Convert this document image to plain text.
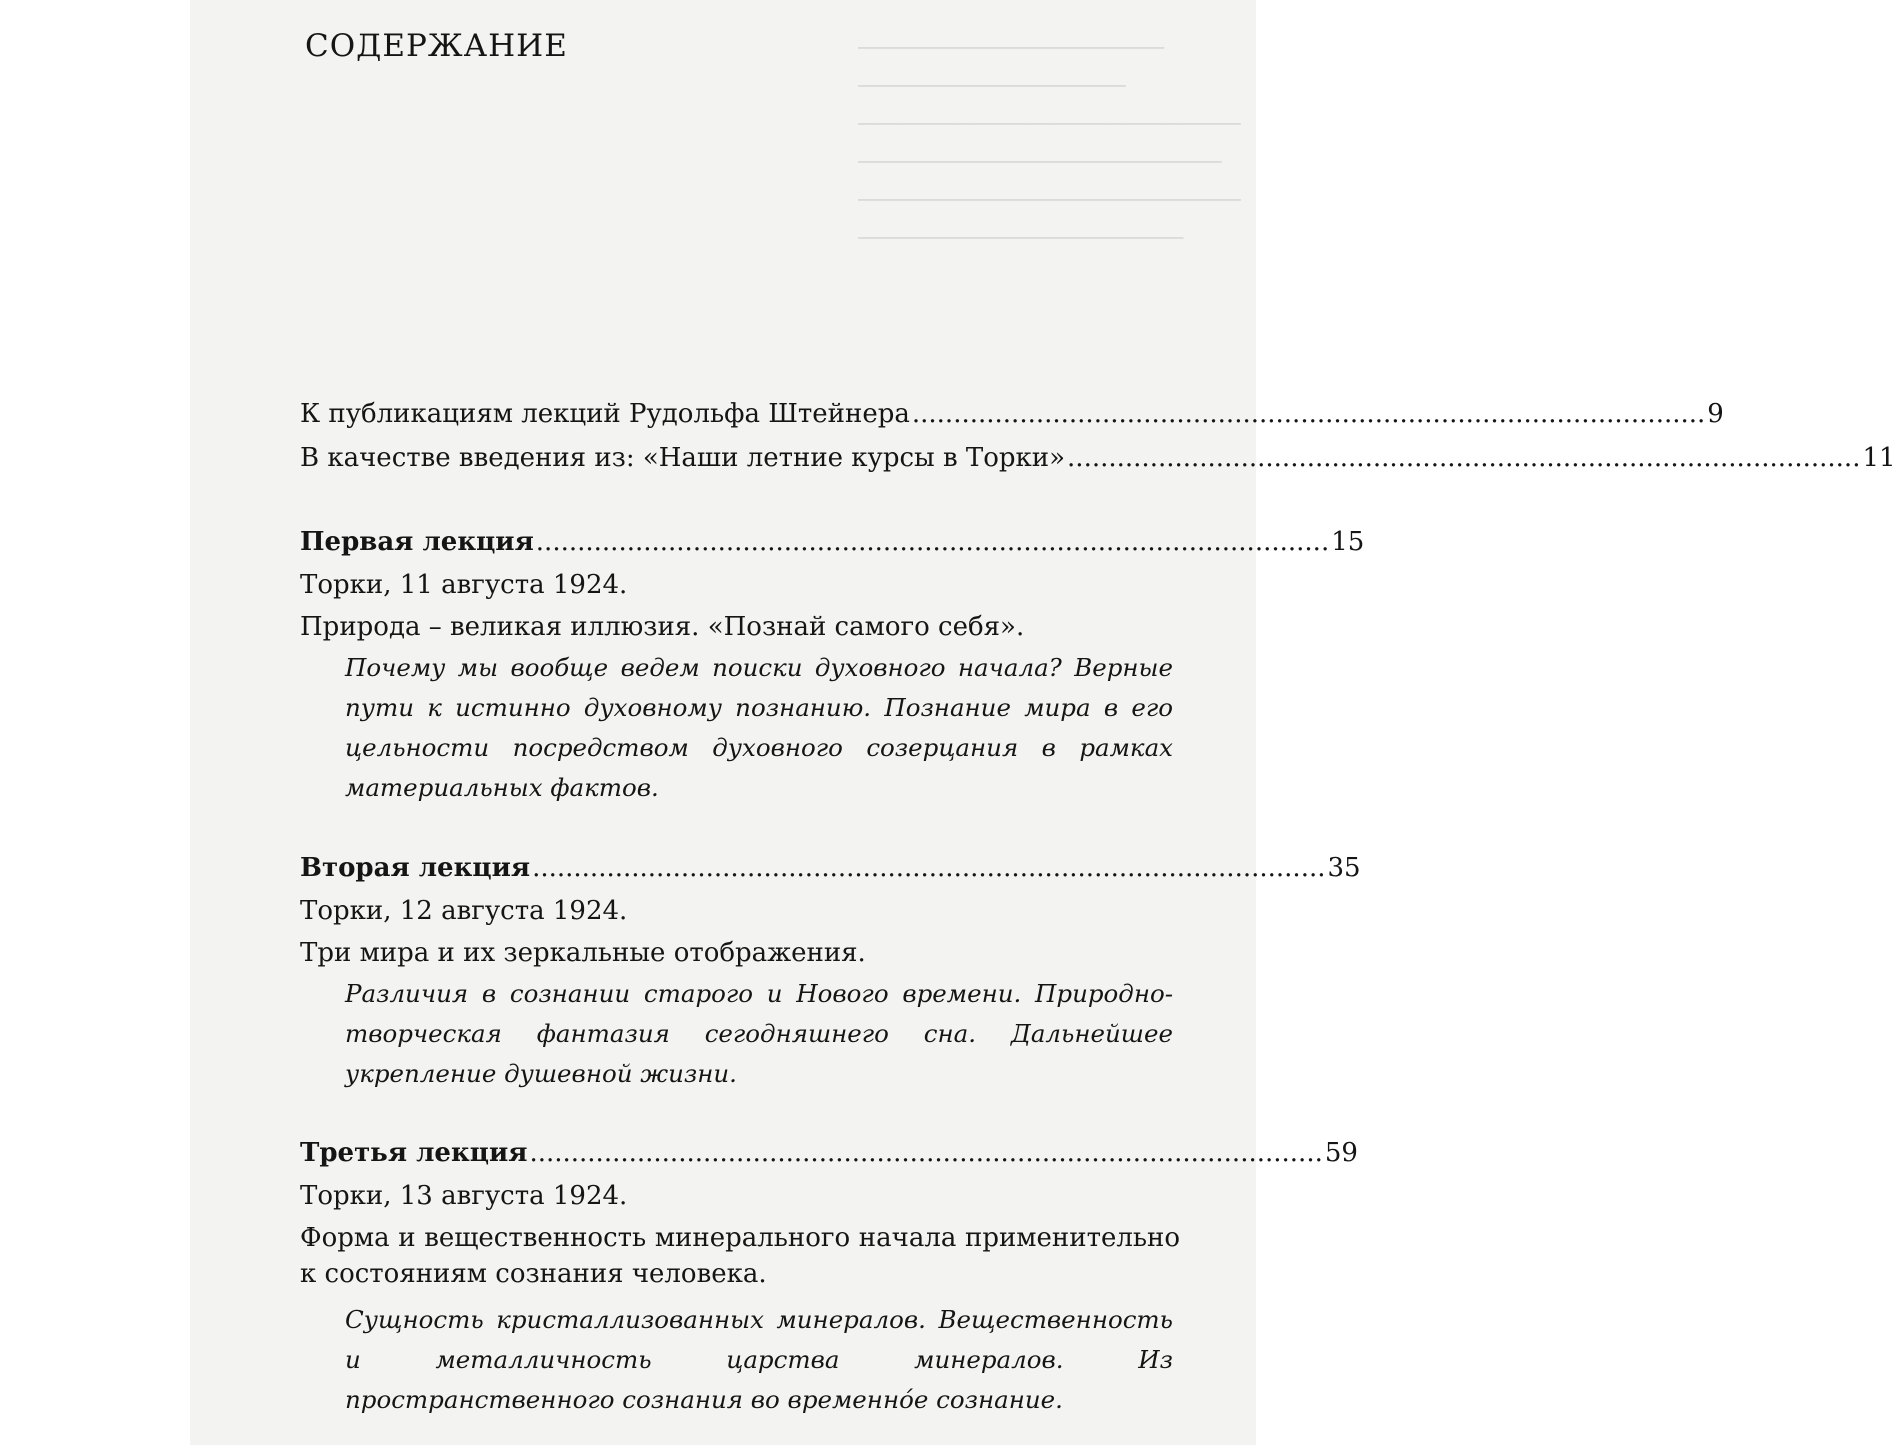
────────────────
──────────────
────────────────────
───────────────────
────────────────────
─────────────────
СОДЕРЖАНИЕ
К публикациям лекций Рудольфа Штейнера ................................................................................................ 9
В качестве введения из: «Наши летние курсы в Торки» ................................................................................................ 11
Первая лекция ................................................................................................ 15
Торки, 11 августа 1924.
Природа – великая иллюзия. «Познай самого себя».
Почему мы вообще ведем поиски духовного начала? Верные пути к истинно духовному познанию. Познание мира в его цельности посредством духовного созерцания в рамках материальных фактов.
Вторая лекция ................................................................................................ 35
Торки, 12 августа 1924.
Три мира и их зеркальные отображения.
Различия в сознании старого и Нового времени. Природно-творческая фантазия сегодняшнего сна. Дальнейшее укрепление душевной жизни.
Третья лекция ................................................................................................ 59
Торки, 13 августа 1924.
Форма и вещественность минерального начала применительно к состояниям сознания человека.
Сущность кристаллизованных минералов. Вещественность и металличность царства минералов. Из пространственного сознания во временнóе сознание.
